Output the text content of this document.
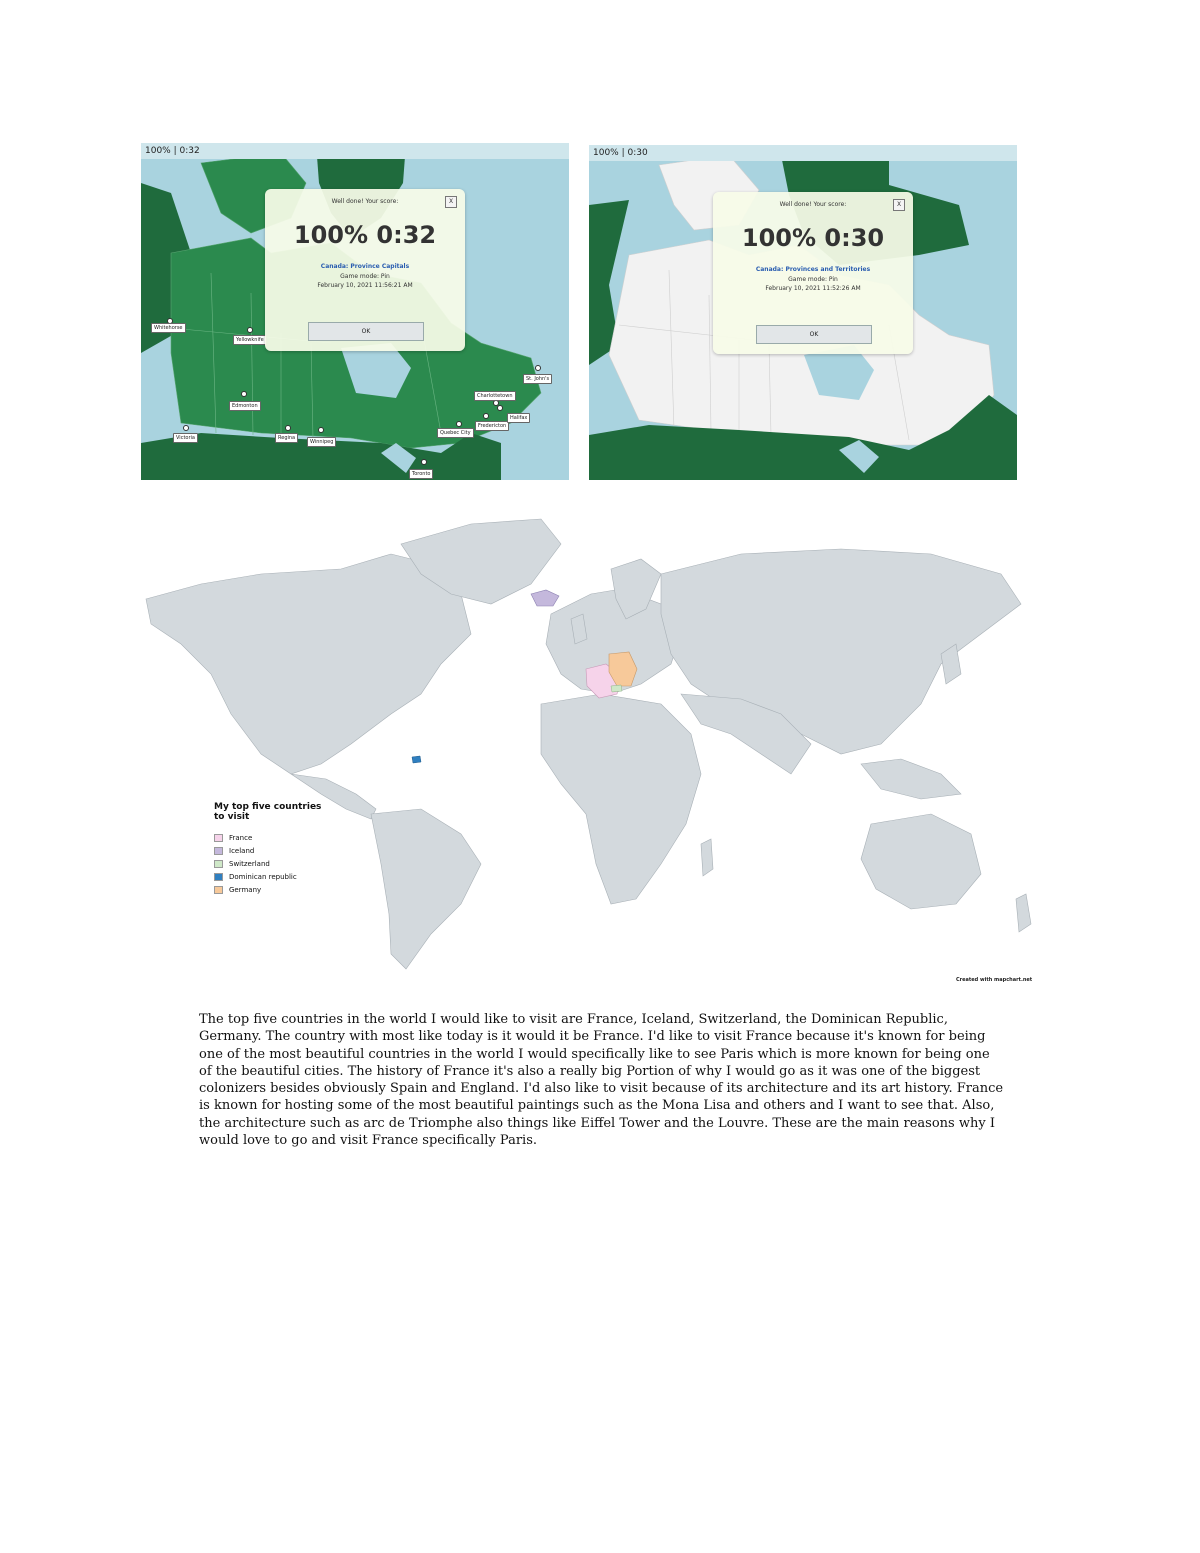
100% | 0:32
Whitehorse
Yellowknife
Edmonton
Victoria	Regina
Winnipeg
Toronto
Quebec City
Fredericton
Halifax
Charlottetown
St. John's
Well done! Your score:	X
100% 0:32
Canada: Province Capitals
Game mode: Pin
February 10, 2021 11:56:21 AM
OK
100% | 0:30
Well done! Your score:	X
100% 0:30
Canada: Provinces and Territories
Game mode: Pin
February 10, 2021 11:52:26 AM
OK
My top five countries to visit
France
Iceland
Switzerland
Dominican republic
Germany
Created with mapchart.net
The top five countries in the world I would like to visit are France, Iceland, Switzerland, the Dominican Republic, Germany. The country with most like today is it would it be France. I'd like to visit France because it's known for being one of the most beautiful countries in the world I would specifically like to see Paris which is more known for being one of the beautiful cities. The history of France it's also a really big Portion of why I would go as it was one of the biggest colonizers besides obviously Spain and England. I'd also like to visit because of its architecture and its art history. France is known for hosting some of the most beautiful paintings such as the Mona Lisa and others and I want to see that. Also, the architecture such as arc de Triomphe also things like Eiffel Tower and the Louvre. These are the main reasons why I would love to go and visit France specifically Paris.
